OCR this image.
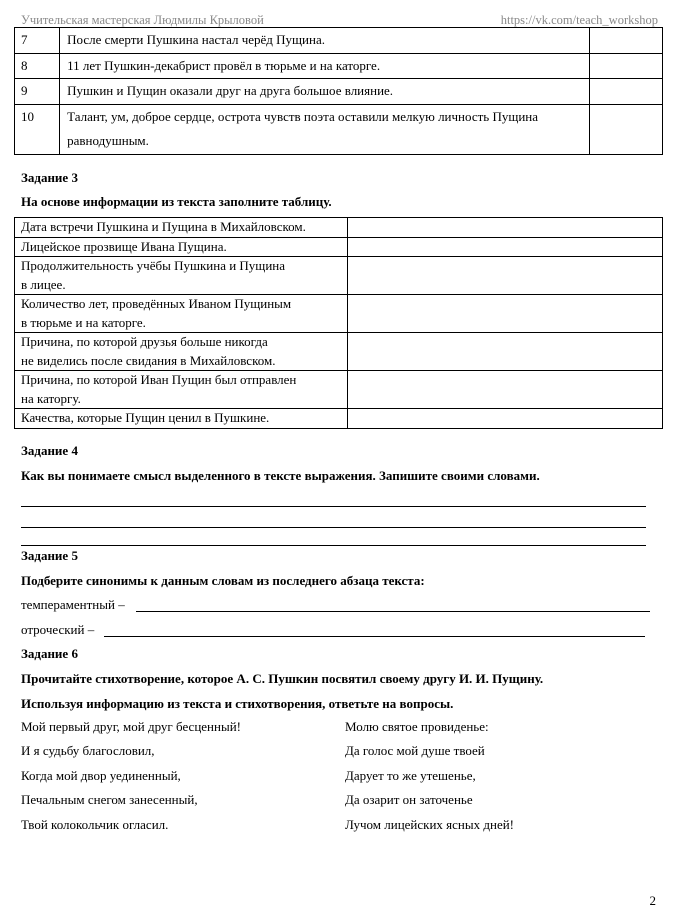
Учительская мастерская Людмилы Крыловой	https://vk.com/teach_workshop
7	После смерти Пушкина настал черёд Пущина.	
8	11 лет Пушкин-декабрист провёл в тюрьме и на каторге.	
9	Пушкин и Пущин оказали друг на друга большое влияние.	
10	Талант, ум, доброе сердце, острота чувств поэта оставили мелкую личность Пущина
равнодушным.	

Задание 3
На основе информации из текста заполните таблицу.
Дата встречи Пушкина и Пущина в Михайловском.	

Лицейское прозвище Ивана Пущина.	

Продолжительность учёбы Пушкина и Пущина
в лицее.	

Количество лет, проведённых Иваном Пущиным
в тюрьме и на каторге.	

Причина, по которой друзья больше никогда
не виделись после свидания в Михайловском.	

Причина, по которой Иван Пущин был отправлен
на каторгу.	

Качества, которые Пущин ценил в Пушкине.	

Задание 4
Как вы понимаете смысл выделенного в тексте выражения. Запишите своими словами.
Задание 5
Подберите синонимы к данным словам из последнего абзаца текста:
темпераментный –
отроческий –
Задание 6
Прочитайте стихотворение, которое А. С. Пушкин посвятил своему другу И. И. Пущину.
Используя информацию из текста и стихотворения, ответьте на вопросы.
Мой первый друг, мой друг бесценный!
И я судьбу благословил,
Когда мой двор уединенный,
Печальным снегом занесенный,
Твой колокольчик огласил.
Молю святое провиденье:
Да голос мой душе твоей
Дарует то же утешенье,
Да озарит он заточенье
Лучом лицейских ясных дней!
2
